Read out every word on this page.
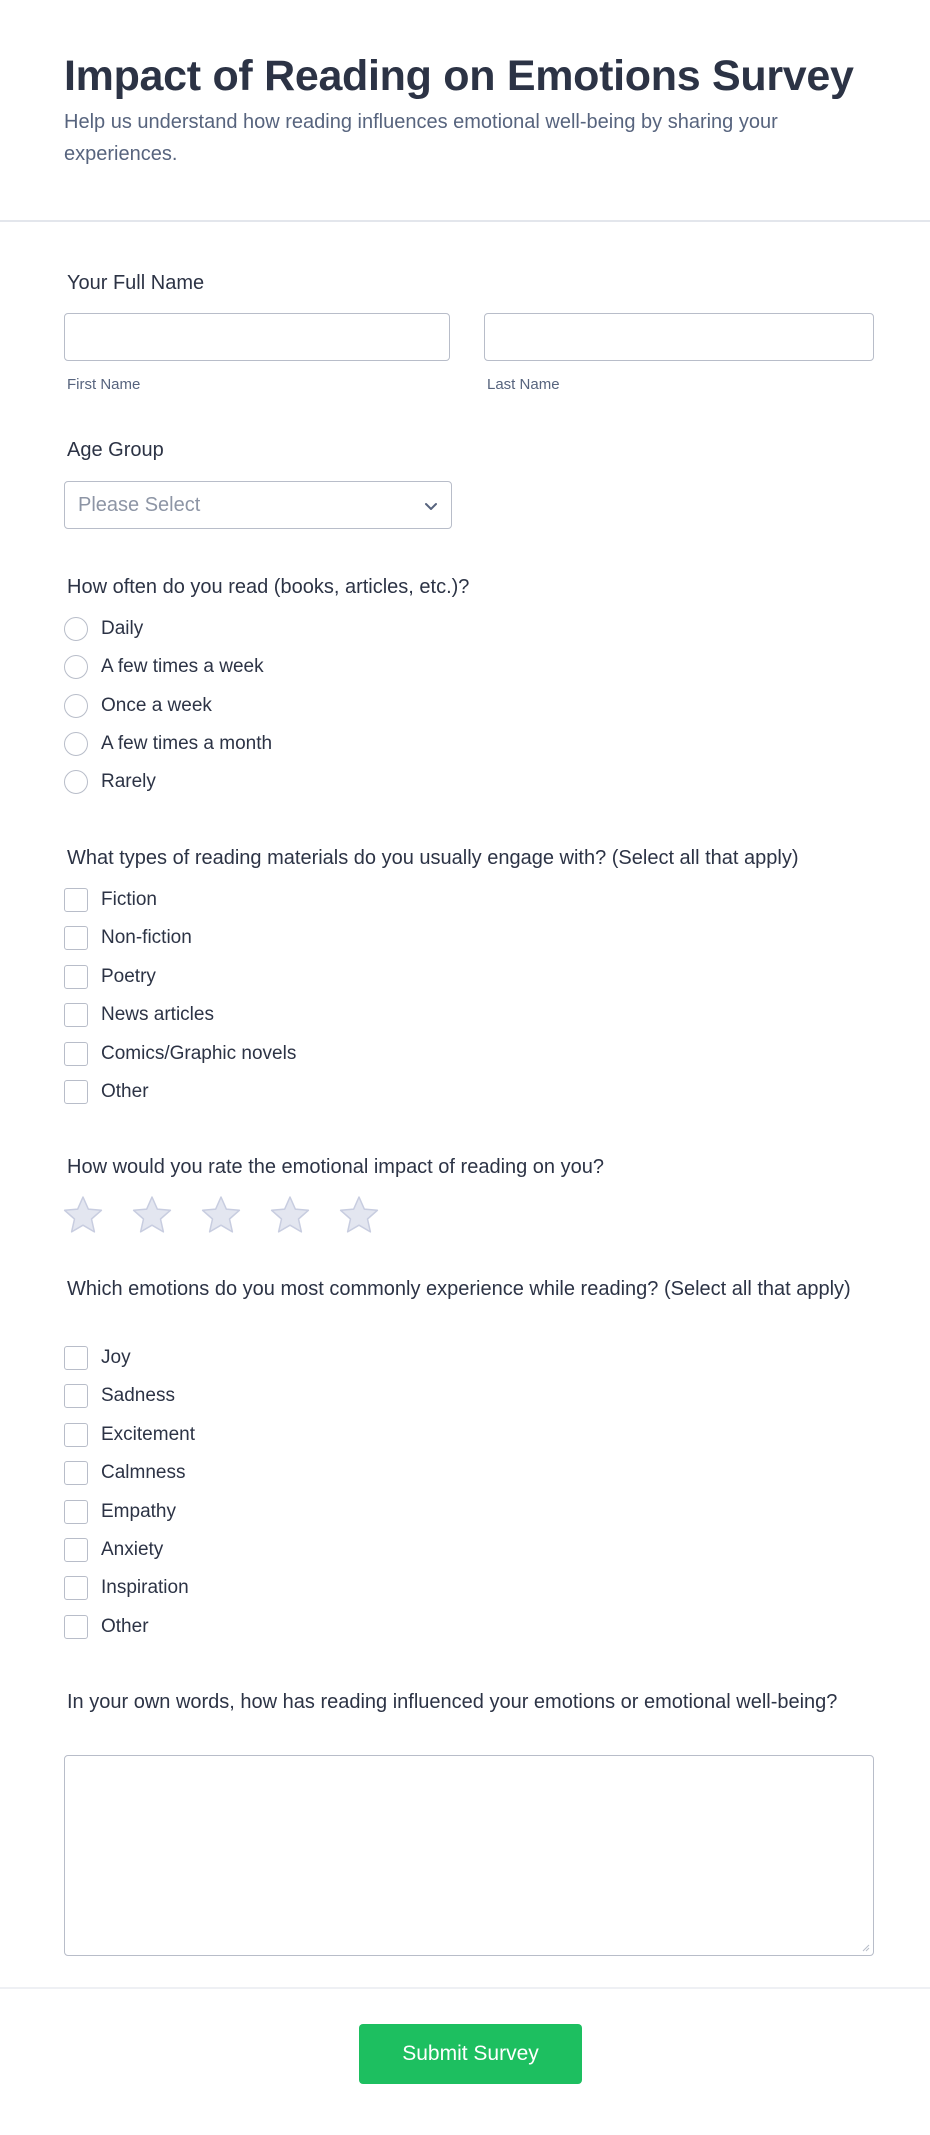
Impact of Reading on Emotions Survey
Help us understand how reading influences emotional well-being by sharing your experiences.
Your Full Name
First Name	Last Name
Age Group
Please Select
How often do you read (books, articles, etc.)?
Daily
A few times a week
Once a week
A few times a month
Rarely
What types of reading materials do you usually engage with? (Select all that apply)
Fiction
Non-fiction
Poetry
News articles
Comics/Graphic novels
Other
How would you rate the emotional impact of reading on you?
Which emotions do you most commonly experience while reading? (Select all that apply)
Joy
Sadness
Excitement
Calmness
Empathy
Anxiety
Inspiration
Other
In your own words, how has reading influenced your emotions or emotional well-being?
Submit Survey
